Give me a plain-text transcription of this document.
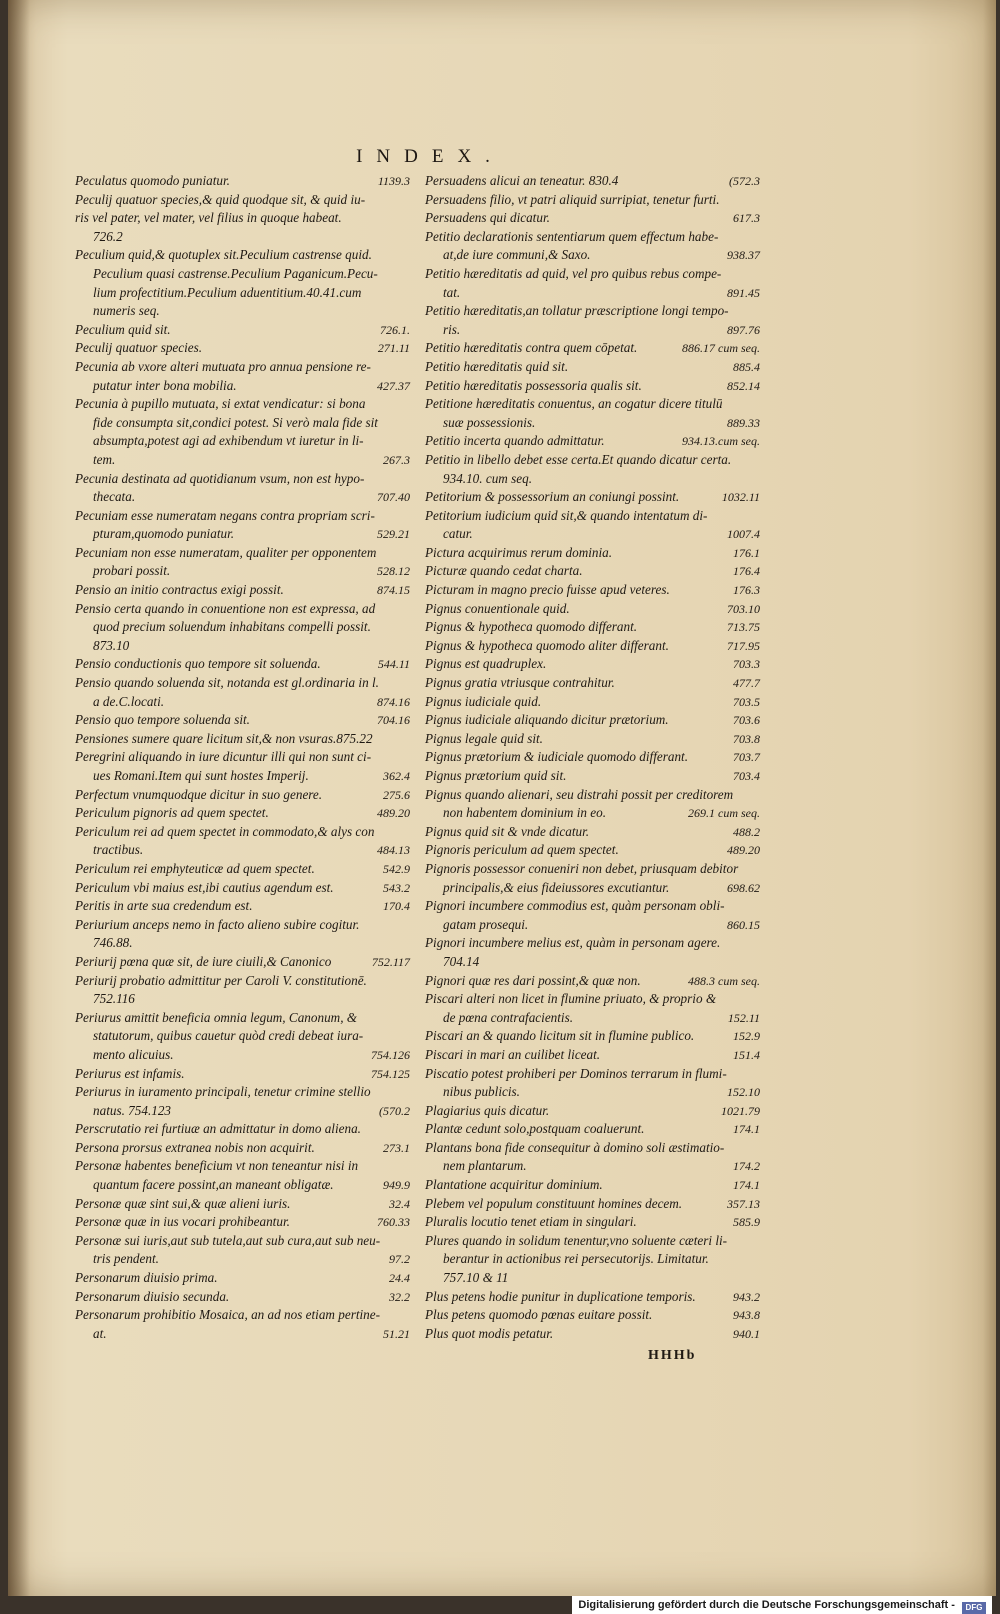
INDEX.
Peculatus quomodo puniatur.	1139.3
Peculij quatuor species,& quid quodque sit, & quid iu-
ris vel pater, vel mater, vel filius in quoque habeat.
726.2
Peculium quid,& quotuplex sit.Peculium castrense quid.
Peculium quasi castrense.Peculium Paganicum.Pecu-
lium profectitium.Peculium aduentitium.40.41.cum
numeris seq.
Peculium quid sit.	726.1.
Peculij quatuor species.	271.11
Pecunia ab vxore alteri mutuata pro annua pensione re-
putatur inter bona mobilia.	427.37
Pecunia à pupillo mutuata, si extat vendicatur: si bona
fide consumpta sit,condici potest. Si verò mala fide sit
absumpta,potest agi ad exhibendum vt iuretur in li-
tem.	267.3
Pecunia destinata ad quotidianum vsum, non est hypo-
thecata.	707.40
Pecuniam esse numeratam negans contra propriam scri-
pturam,quomodo puniatur.	529.21
Pecuniam non esse numeratam, qualiter per opponentem
probari possit.	528.12
Pensio an initio contractus exigi possit.	874.15
Pensio certa quando in conuentione non est expressa, ad
quod precium soluendum inhabitans compelli possit.
873.10
Pensio conductionis quo tempore sit soluenda.	544.11
Pensio quando soluenda sit, notanda est gl.ordinaria in l.
a de.C.locati.	874.16
Pensio quo tempore soluenda sit.	704.16
Pensiones sumere quare licitum sit,& non vsuras.875.22
Peregrini aliquando in iure dicuntur illi qui non sunt ci-
ues Romani.Item qui sunt hostes Imperij.	362.4
Perfectum vnumquodque dicitur in suo genere.	275.6
Periculum pignoris ad quem spectet.	489.20
Periculum rei ad quem spectet in commodato,& alys con
tractibus.	484.13
Periculum rei emphyteuticæ ad quem spectet.	542.9
Periculum vbi maius est,ibi cautius agendum est.	543.2
Peritis in arte sua credendum est.	170.4
Periurium anceps nemo in facto alieno subire cogitur.
746.88.
Periurij pœna quæ sit, de iure ciuili,& Canonico	752.117
Periurij probatio admittitur per Caroli V. constitutionē.
752.116
Periurus amittit beneficia omnia legum, Canonum, &
statutorum, quibus cauetur quòd credi debeat iura-
mento alicuius.	754.126
Periurus est infamis.	754.125
Periurus in iuramento principali, tenetur crimine stellio
natus. 754.123	(570.2
Perscrutatio rei furtiuæ an admittatur in domo aliena.
Persona prorsus extranea nobis non acquirit.	273.1
Personæ habentes beneficium vt non teneantur nisi in
quantum facere possint,an maneant obligatæ.	949.9
Personæ quæ sint sui,& quæ alieni iuris.	32.4
Personæ quæ in ius vocari prohibeantur.	760.33
Personæ sui iuris,aut sub tutela,aut sub cura,aut sub neu-
tris pendent.	97.2
Personarum diuisio prima.	24.4
Personarum diuisio secunda.	32.2
Personarum prohibitio Mosaica, an ad nos etiam pertine-
at.	51.21
Persuadens alicui an teneatur. 830.4	(572.3
Persuadens filio, vt patri aliquid surripiat, tenetur furti.
Persuadens qui dicatur.	617.3
Petitio declarationis sententiarum quem effectum habe-
at,de iure communi,& Saxo.	938.37
Petitio hæreditatis ad quid, vel pro quibus rebus compe-
tat.	891.45
Petitio hæreditatis,an tollatur præscriptione longi tempo-
ris.	897.76
Petitio hæreditatis contra quem cōpetat.	886.17 cum seq.
Petitio hæreditatis quid sit.	885.4
Petitio hæreditatis possessoria qualis sit.	852.14
Petitione hæreditatis conuentus, an cogatur dicere titulū
suæ possessionis.	889.33
Petitio incerta quando admittatur.	934.13.cum seq.
Petitio in libello debet esse certa.Et quando dicatur certa.
934.10. cum seq.
Petitorium & possessorium an coniungi possint.	1032.11
Petitorium iudicium quid sit,& quando intentatum di-
catur.	1007.4
Pictura acquirimus rerum dominia.	176.1
Picturæ quando cedat charta.	176.4
Picturam in magno precio fuisse apud veteres.	176.3
Pignus conuentionale quid.	703.10
Pignus & hypotheca quomodo differant.	713.75
Pignus & hypotheca quomodo aliter differant.	717.95
Pignus est quadruplex.	703.3
Pignus gratia vtriusque contrahitur.	477.7
Pignus iudiciale quid.	703.5
Pignus iudiciale aliquando dicitur prætorium.	703.6
Pignus legale quid sit.	703.8
Pignus prætorium & iudiciale quomodo differant.	703.7
Pignus prætorium quid sit.	703.4
Pignus quando alienari, seu distrahi possit per creditorem
non habentem dominium in eo.	269.1 cum seq.
Pignus quid sit & vnde dicatur.	488.2
Pignoris periculum ad quem spectet.	489.20
Pignoris possessor conueniri non debet, priusquam debitor
principalis,& eius fideiussores excutiantur.	698.62
Pignori incumbere commodius est, quàm personam obli-
gatam prosequi.	860.15
Pignori incumbere melius est, quàm in personam agere.
704.14
Pignori quæ res dari possint,& quæ non.	488.3 cum seq.
Piscari alteri non licet in flumine priuato, & proprio &
de pœna contrafacientis.	152.11
Piscari an & quando licitum sit in flumine publico.	152.9
Piscari in mari an cuilibet liceat.	151.4
Piscatio potest prohiberi per Dominos terrarum in flumi-
nibus publicis.	152.10
Plagiarius quis dicatur.	1021.79
Plantæ cedunt solo,postquam coaluerunt.	174.1
Plantans bona fide consequitur à domino soli æstimatio-
nem plantarum.	174.2
Plantatione acquiritur dominium.	174.1
Plebem vel populum constituunt homines decem.	357.13
Pluralis locutio tenet etiam in singulari.	585.9
Plures quando in solidum tenentur,vno soluente cæteri li-
berantur in actionibus rei persecutorijs. Limitatur.
757.10 & 11
Plus petens hodie punitur in duplicatione temporis.	943.2
Plus petens quomodo pœnas euitare possit.	943.8
Plus quot modis petatur.	940.1
HHHb
Digitalisierung gefördert durch die Deutsche Forschungsgemeinschaft - DFG
